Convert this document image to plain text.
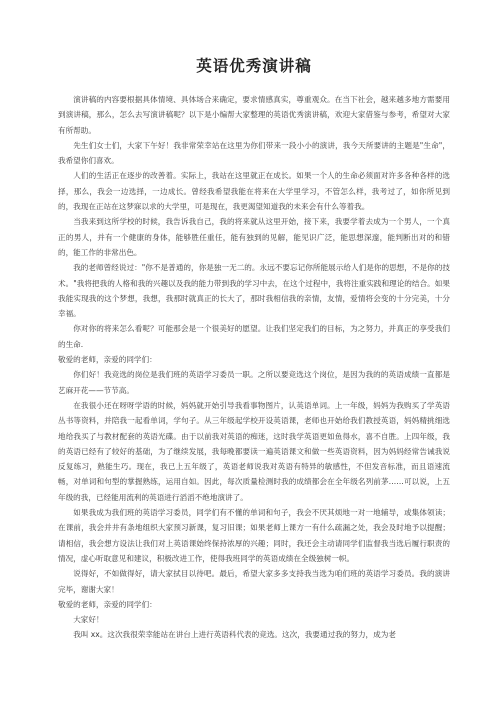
英语优秀演讲稿

演讲稿的内容要根据具体情境、具体场合来确定，要求情感真实，尊重观众。在当下社会，越来越多地方需要用到演讲稿，那么，怎么去写演讲稿呢？以下是小编帮大家整理的英语优秀演讲稿，欢迎大家借鉴与参考，希望对大家有所帮助。

先生们女士们，大家下午好！我非常荣幸站在这里为你们带来一段小小的演讲，我今天所要讲的主题是"生命"，我希望你们喜欢。

人们的生活正在逐步的改善着。实际上，我站在这里就正在成长。如果一个人的生命必须面对许多各种各样的选择，那么，我会一边选择，一边成长。曾经我希望我能在将来在大学里学习，不管怎么样，我考过了，如你所见到的，我现在正站在这梦寐以求的大学里，可是现在，我更渴望知道我的未来会有什么等着我。

当我来到这所学校的时候，我告诉我自己，我的将来就从这里开始，接下来，我要学着去成为一个男人，一个真正的男人，并有一个健康的身体，能够胜任重任，能有独到的见解，能见识广泛，能思想深邃，能判断出对的和错的，能工作的非常出色。

我的老师曾经说过："你不是普通的，你是独一无二的。永远不要忘记你所能展示给人们是你的思想，不是你的技术。"我将把我的人格和我的兴趣以及我的能力带到我的学习中去，在这个过程中，我将注重实践和理论的结合。如果我能实现我的这个梦想，我想，我那时就真正的长大了，那时我相信我的亲情，友情，爱情将会变的十分完美，十分幸福。

你对你的将来怎么看呢？可能那会是一个很美好的愿望。让我们坚定我们的目标，为之努力，并真正的享受我们的生命.

敬爱的老师，亲爱的同学们：

你们好！我竞选的岗位是我们班的英语学习委员一职。之所以要竞选这个岗位，是因为我的的英语成绩一直都是艺麻开花——节节高。

在我很小还在呀呀学语的时候，妈妈就开始引导我看事物图片，认英语单词。上一年级，妈妈为我购买了学英语丛书等资料，并陪我一起看单词，学句子。从三年级起学校开设英语课，老师也开始给我们教授英语，妈妈精挑细选地给我买了与教材配套的英语光碟。由于以前我对英语的痴迷，这时我学英语更如鱼得水，喜不自胜。上四年级，我的英语已经有了较好的基础，为了继续发展，我每晚都要读一遍英语课文和做一些英语资料，因为妈妈经常告诫我说反复练习，熟能生巧。现在，我已上五年级了，英语老师说我对英语有特异的敏感性，不但发音标准，而且语速流畅，对单词和句型的掌握熟练，运用自如。因此，每次质量检测时我的成绩都会在全年级名列前茅……可以说，上五年级的我，已经能用流利的英语进行滔滔不绝地演讲了。

如果我成为我们班的英语学习委员，同学们有不懂的单词和句子，我会不厌其烦地一对一地辅导，或集体领读；在课前，我会并井有条地组织大家预习新课，复习旧课；如果老师上课方一有什么疏漏之处，我会及时地予以提醒；请相信，我会想方设法让我们对上英语课始终保持浓厚的兴趣；同时，我还会主动请同学们监督我当选后履行职责的情况，虚心听取意见和建议，积极改进工作，使得我班同学的英语成绩在全级独树一帜。

说得好，不如做得好，请大家拭目以待吧。最后，希望大家多多支持我当选为咱们班的英语学习委员。我的演讲完毕，谢谢大家！

敬爱的老师，亲爱的同学们：

大家好！

我叫 xx。这次我很荣幸能站在讲台上进行英语科代表的竞选。这次，我要通过我的努力，成为老
